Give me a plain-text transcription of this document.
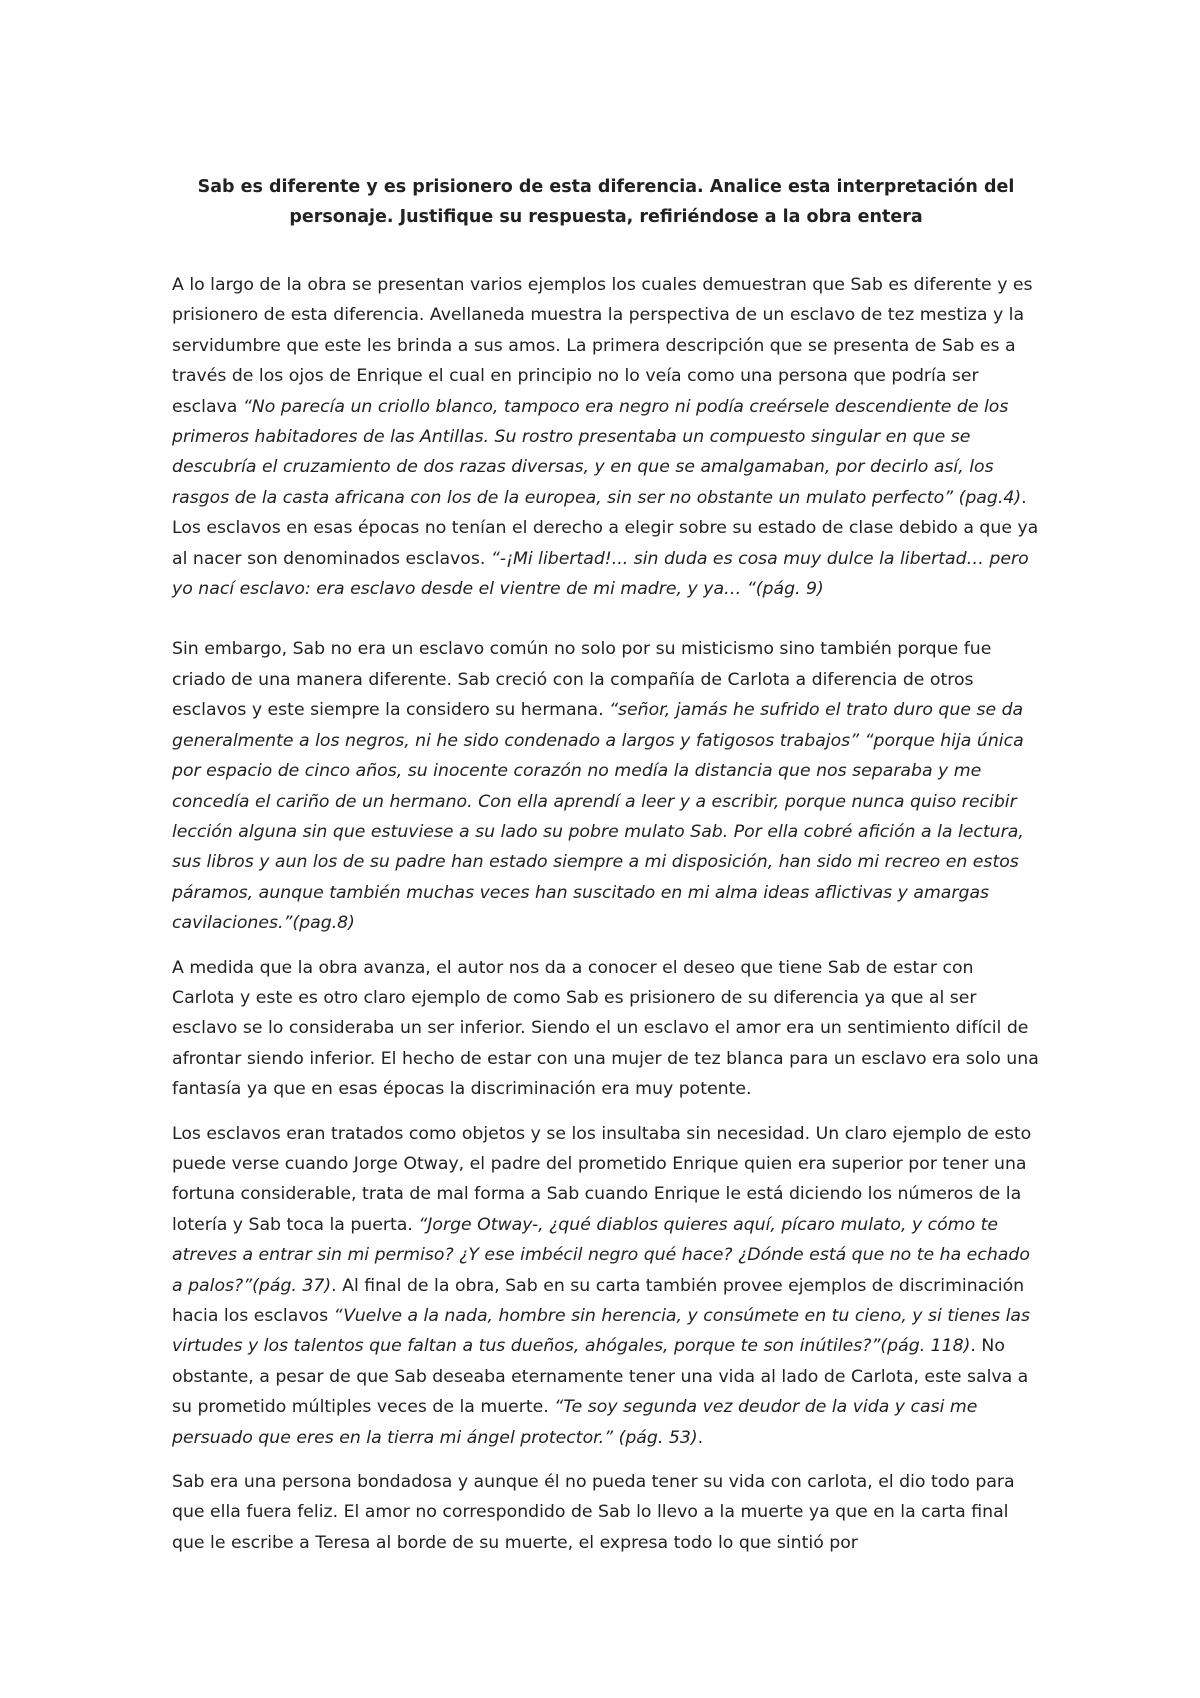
Sab es diferente y es prisionero de esta diferencia. Analice esta interpretación del personaje. Justifique su respuesta, refiriéndose a la obra entera

A lo largo de la obra se presentan varios ejemplos los cuales demuestran que Sab es diferente y es prisionero de esta diferencia. Avellaneda muestra la perspectiva de un esclavo de tez mestiza y la servidumbre que este les brinda a sus amos. La primera descripción que se presenta de Sab es a través de los ojos de Enrique el cual en principio no lo veía como una persona que podría ser esclava “No parecía un criollo blanco, tampoco era negro ni podía creérsele descendiente de los primeros habitadores de las Antillas. Su rostro presentaba un compuesto singular en que se descubría el cruzamiento de dos razas diversas, y en que se amalgamaban, por decirlo así, los rasgos de la casta africana con los de la europea, sin ser no obstante un mulato perfecto” (pag.4). Los esclavos en esas épocas no tenían el derecho a elegir sobre su estado de clase debido a que ya al nacer son denominados esclavos. “-¡Mi libertad!... sin duda es cosa muy dulce la libertad… pero yo nací esclavo: era esclavo desde el vientre de mi madre, y ya… “(pág. 9)

Sin embargo, Sab no era un esclavo común no solo por su misticismo sino también porque fue criado de una manera diferente. Sab creció con la compañía de Carlota a diferencia de otros esclavos y este siempre la considero su hermana. “señor, jamás he sufrido el trato duro que se da generalmente a los negros, ni he sido condenado a largos y fatigosos trabajos” “porque hija única por espacio de cinco años, su inocente corazón no medía la distancia que nos separaba y me concedía el cariño de un hermano. Con ella aprendí a leer y a escribir, porque nunca quiso recibir lección alguna sin que estuviese a su lado su pobre mulato Sab. Por ella cobré afición a la lectura, sus libros y aun los de su padre han estado siempre a mi disposición, han sido mi recreo en estos páramos, aunque también muchas veces han suscitado en mi alma ideas aflictivas y amargas cavilaciones.”(pag.8)

A medida que la obra avanza, el autor nos da a conocer el deseo que tiene Sab de estar con Carlota y este es otro claro ejemplo de como Sab es prisionero de su diferencia ya que al ser esclavo se lo consideraba un ser inferior. Siendo el un esclavo el amor era un sentimiento difícil de afrontar siendo inferior. El hecho de estar con una mujer de tez blanca para un esclavo era solo una fantasía ya que en esas épocas la discriminación era muy potente.

Los esclavos eran tratados como objetos y se los insultaba sin necesidad. Un claro ejemplo de esto puede verse cuando Jorge Otway, el padre del prometido Enrique quien era superior por tener una fortuna considerable, trata de mal forma a Sab cuando Enrique le está diciendo los números de la lotería y Sab toca la puerta. “Jorge Otway-, ¿qué diablos quieres aquí, pícaro mulato, y cómo te atreves a entrar sin mi permiso? ¿Y ese imbécil negro qué hace? ¿Dónde está que no te ha echado a palos?”(pág. 37). Al final de la obra, Sab en su carta también provee ejemplos de discriminación hacia los esclavos “Vuelve a la nada, hombre sin herencia, y consúmete en tu cieno, y si tienes las virtudes y los talentos que faltan a tus dueños, ahógales, porque te son inútiles?”(pág. 118). No obstante, a pesar de que Sab deseaba eternamente tener una vida al lado de Carlota, este salva a su prometido múltiples veces de la muerte. “Te soy segunda vez deudor de la vida y casi me persuado que eres en la tierra mi ángel protector.” (pág. 53).

Sab era una persona bondadosa y aunque él no pueda tener su vida con carlota, el dio todo para que ella fuera feliz. El amor no correspondido de Sab lo llevo a la muerte ya que en la carta final que le escribe a Teresa al borde de su muerte, el expresa todo lo que sintió por
